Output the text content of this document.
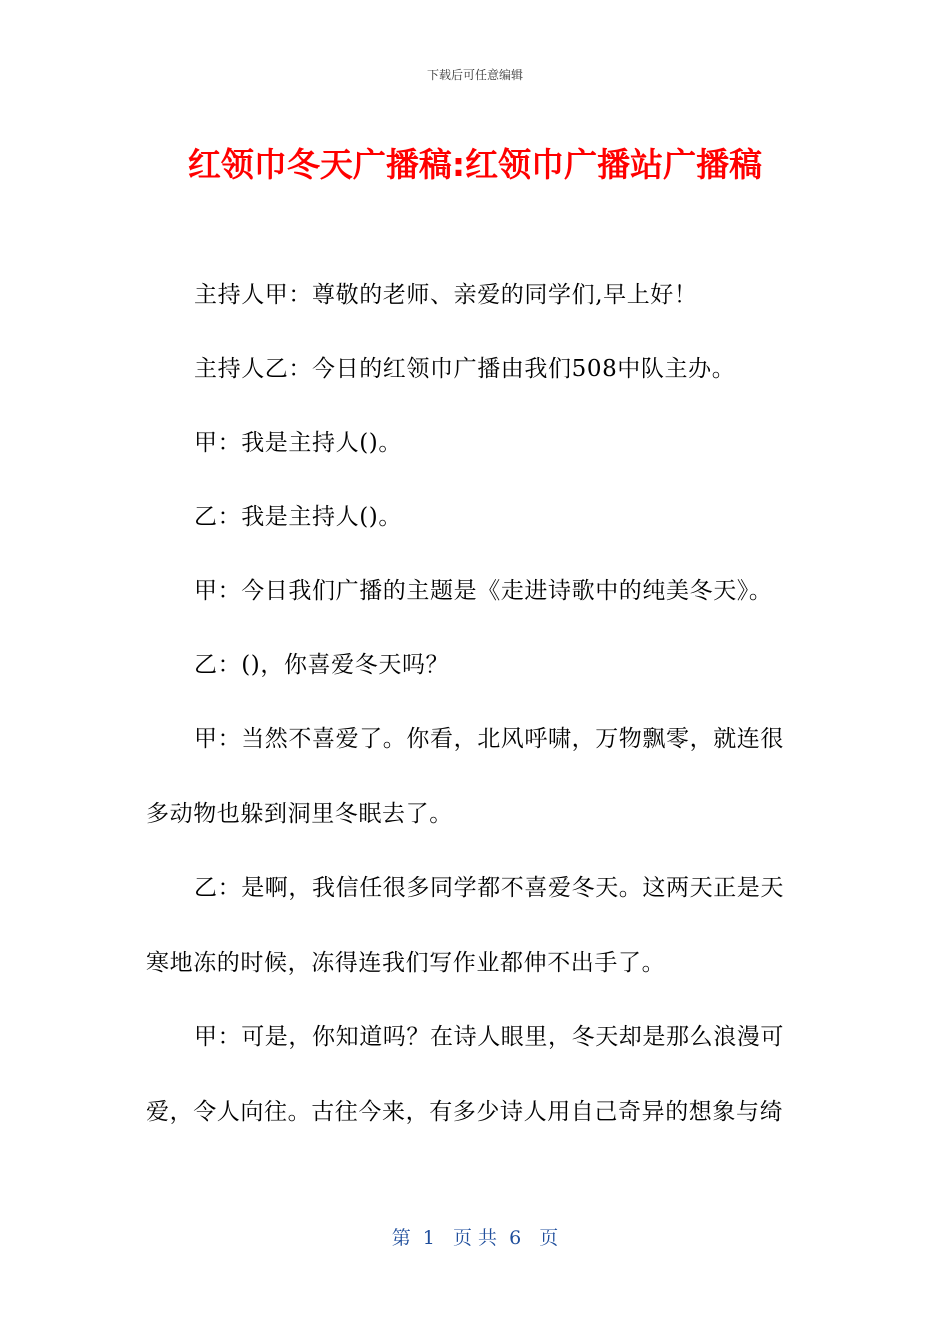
下载后可任意编辑
红领巾冬天广播稿:红领巾广播站广播稿

主持人甲：尊敬的老师、亲爱的同学们,早上好！

主持人乙：今日的红领巾广播由我们508中队主办。

甲：我是主持人()。

乙：我是主持人()。

甲：今日我们广播的主题是《走进诗歌中的纯美冬天》。

乙：()，你喜爱冬天吗？

甲：当然不喜爱了。你看，北风呼啸，万物飘零，就连很
多动物也躲到洞里冬眠去了。

乙：是啊，我信任很多同学都不喜爱冬天。这两天正是天
寒地冻的时候，冻得连我们写作业都伸不出手了。

甲：可是，你知道吗？在诗人眼里，冬天却是那么浪漫可
爱，令人向往。古往今来，有多少诗人用自己奇异的想象与绮

第  1   页 共  6   页
